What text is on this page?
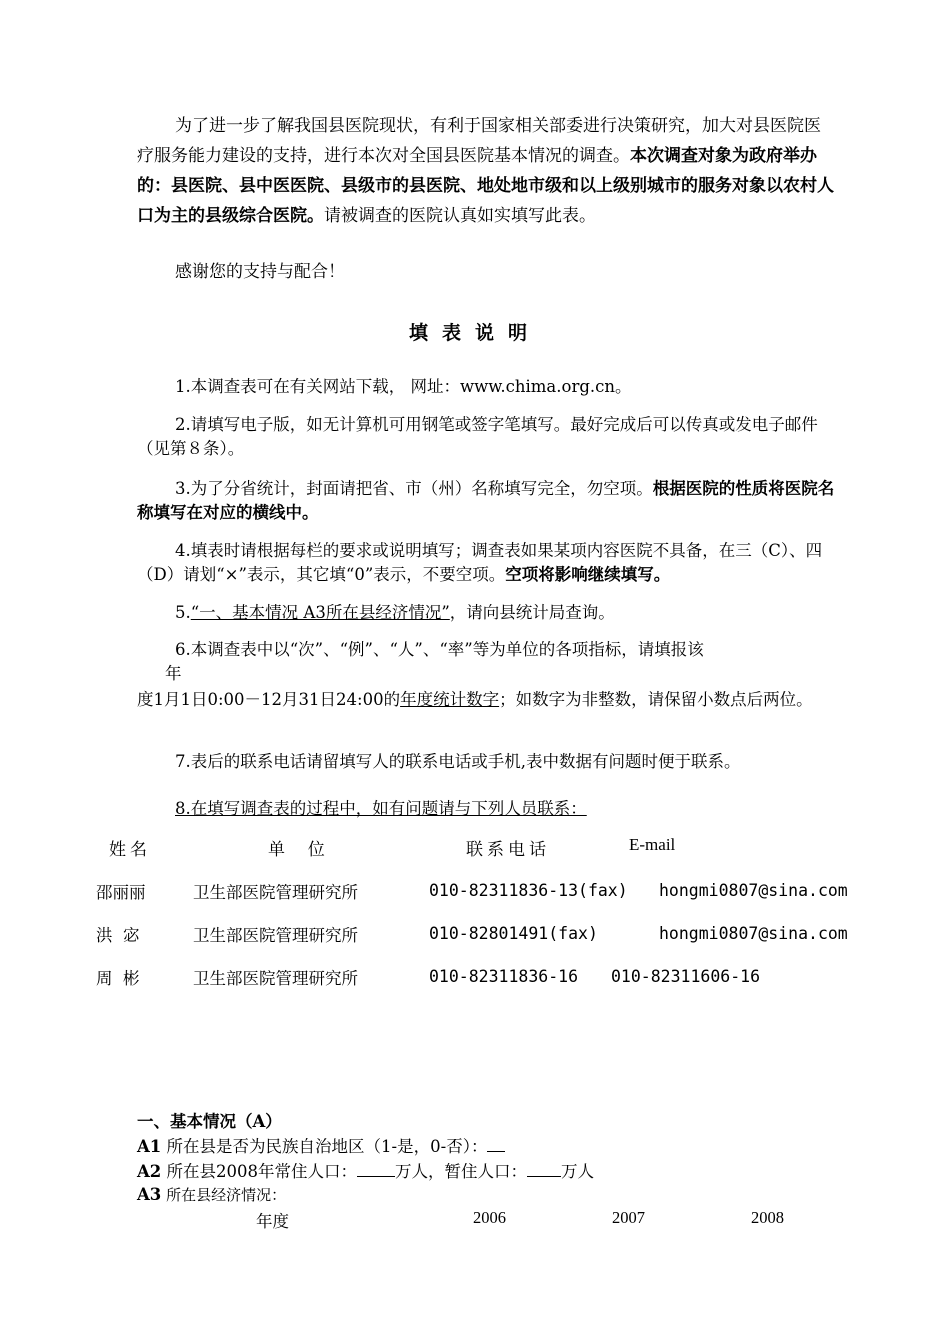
为了进一步了解我国县医院现状，有利于国家相关部委进行决策研究，加大对县医院医疗服务能力建设的支持，进行本次对全国县医院基本情况的调查。本次调查对象为政府举办的：县医院、县中医医院、县级市的县医院、地处地市级和以上级别城市的服务对象以农村人口为主的县级综合医院。请被调查的医院认真如实填写此表。
感谢您的支持与配合！
填表说明
1.本调查表可在有关网站下载， 网址：www.chima.org.cn。
2.请填写电子版，如无计算机可用钢笔或签字笔填写。最好完成后可以传真或发电子邮件（见第８条）。
3.为了分省统计，封面请把省、市（州）名称填写完全，勿空项。根据医院的性质将医院名称填写在对应的横线中。
4.填表时请根据每栏的要求或说明填写；调查表如果某项内容医院不具备，在三（C）、四（D）请划“×”表示，其它填“0”表示，不要空项。空项将影响继续填写。
5.“一、基本情况 A3所在县经济情况”，请向县统计局查询。
6.本调查表中以“次”、“例”、“人”、“率”等为单位的各项指标，请填报该
年
度1月1日0:00－12月31日24:00的年度统计数字；如数字为非整数，请保留小数点后两位。
7.表后的联系电话请留填写人的联系电话或手机,表中数据有问题时便于联系。
8.在填写调查表的过程中，如有问题请与下列人员联系：
姓名	单  位	联系电话	E-mail
邵丽丽	卫生部医院管理研究所	010-82311836-13(fax) hongmi0807@sina.com
洪  宓	卫生部医院管理研究所	010-82801491(fax)	hongmi0807@sina.com
周  彬	卫生部医院管理研究所	010-82311836-16 010-82311606-16
一、基本情况（A）
A1 所在县是否为民族自治地区（1-是，0-否）：
A2 所在县2008年常住人口： 万人，暂住人口： 万人
A3 所在县经济情况：
年度	2006	2007	2008
